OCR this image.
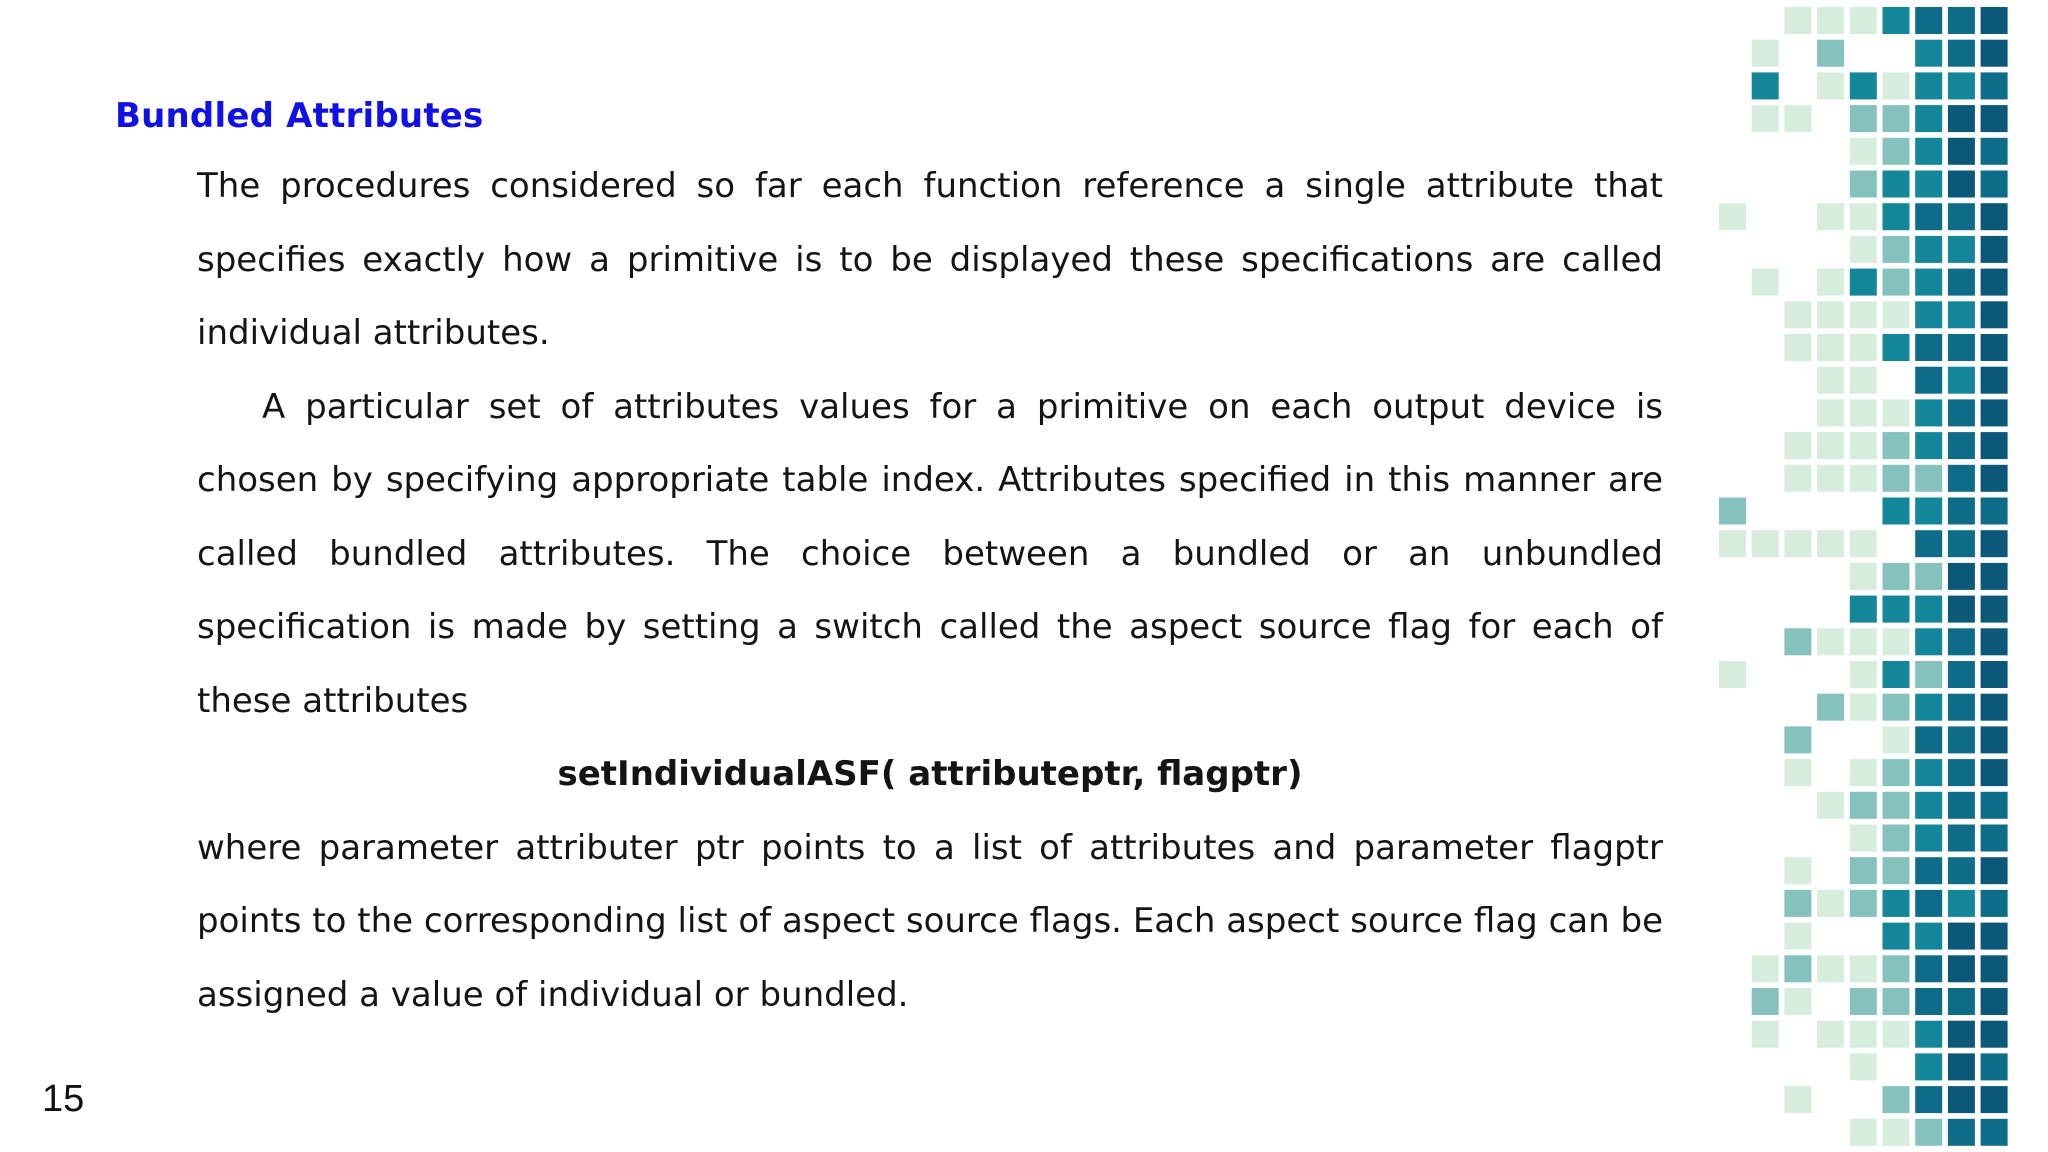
Bundled Attributes

The procedures considered so far each function reference a single attribute that specifies exactly how a primitive is to be displayed these specifications are called individual attributes.

A particular set of attributes values for a primitive on each output device is chosen by specifying appropriate table index. Attributes specified in this manner are called bundled attributes. The choice between a bundled or an unbundled specification is made by setting a switch called the aspect source flag for each of these attributes

setIndividualASF( attributeptr, flagptr)

where parameter attributer ptr points to a list of attributes and parameter flagptr points to the corresponding list of aspect source flags. Each aspect source flag can be assigned a value of individual or bundled.

15
